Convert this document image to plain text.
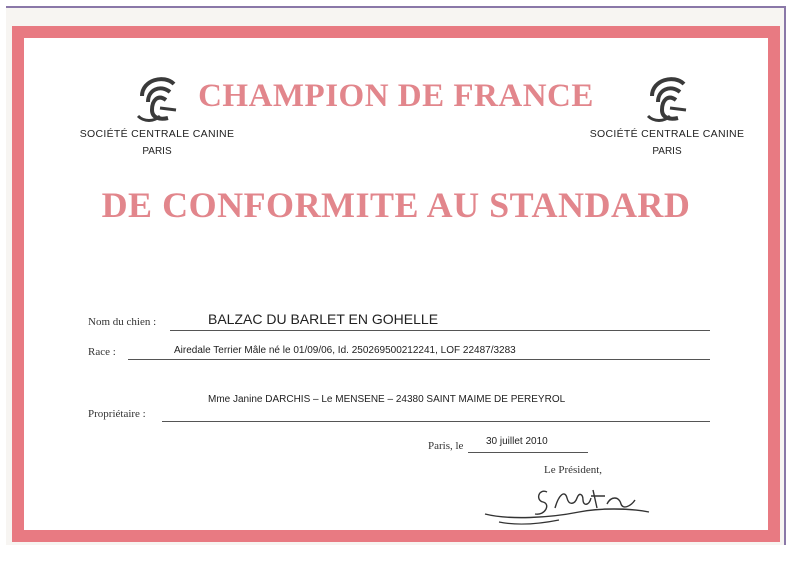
SOCIÉTÉ CENTRALE CANINE
PARIS
SOCIÉTÉ CENTRALE CANINE
PARIS
CHAMPION DE FRANCE
DE CONFORMITE AU STANDARD
Nom du chien :	BALZAC DU BARLET EN GOHELLE
Race :	Airedale Terrier Mâle né le 01/09/06, Id. 250269500212241, LOF 22487/3283
Propriétaire :
Mme Janine DARCHIS – Le MENSENE – 24380 SAINT MAIME DE PEREYROL
Paris, le 30 juillet 2010
Le Président,
